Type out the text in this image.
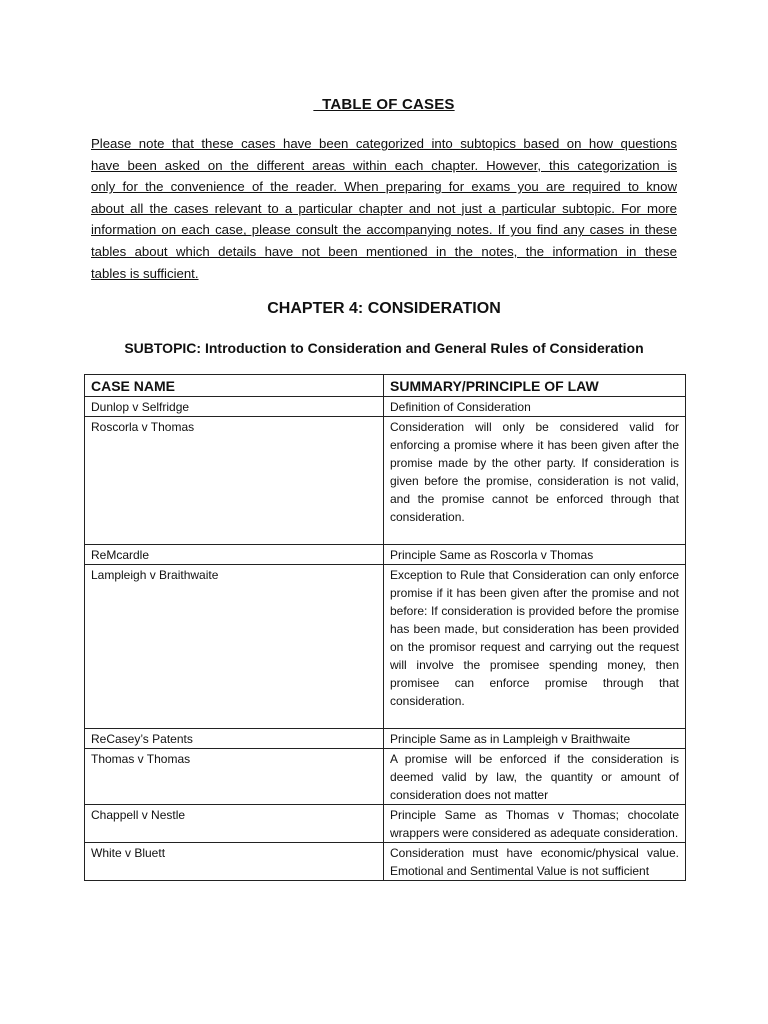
TABLE OF CASES
Please note that these cases have been categorized into subtopics based on how questions
have been asked on the different areas within each chapter. However, this categorization is
only for the convenience of the reader. When preparing for exams you are required to know
about all the cases relevant to a particular chapter and not just a particular subtopic. For more
information on each case, please consult the accompanying notes. If you find any cases in these
tables about which details have not been mentioned in the notes, the information in these
tables is sufficient.
CHAPTER 4: CONSIDERATION
SUBTOPIC: Introduction to Consideration and General Rules of Consideration
CASE NAME	SUMMARY/PRINCIPLE OF LAW
Dunlop v Selfridge	Definition of Consideration
Roscorla v Thomas	Consideration will only be considered valid for enforcing a promise where it has been given after the promise made by the other party. If consideration is given before the promise, consideration is not valid, and the promise cannot be enforced through that consideration.
ReMcardle	Principle Same as Roscorla v Thomas
Lampleigh v Braithwaite	Exception to Rule that Consideration can only enforce promise if it has been given after the promise and not before: If consideration is provided before the promise has been made, but consideration has been provided on the promisor request and carrying out the request will involve the promisee spending money, then promisee can enforce promise through that consideration.
ReCasey’s Patents	Principle Same as in Lampleigh v Braithwaite
Thomas v Thomas	A promise will be enforced if the consideration is deemed valid by law, the quantity or amount of consideration does not matter
Chappell v Nestle	Principle Same as Thomas v Thomas; chocolate wrappers were considered as adequate consideration.
White v Bluett	Consideration must have economic/physical value. Emotional and Sentimental Value is not sufficient
